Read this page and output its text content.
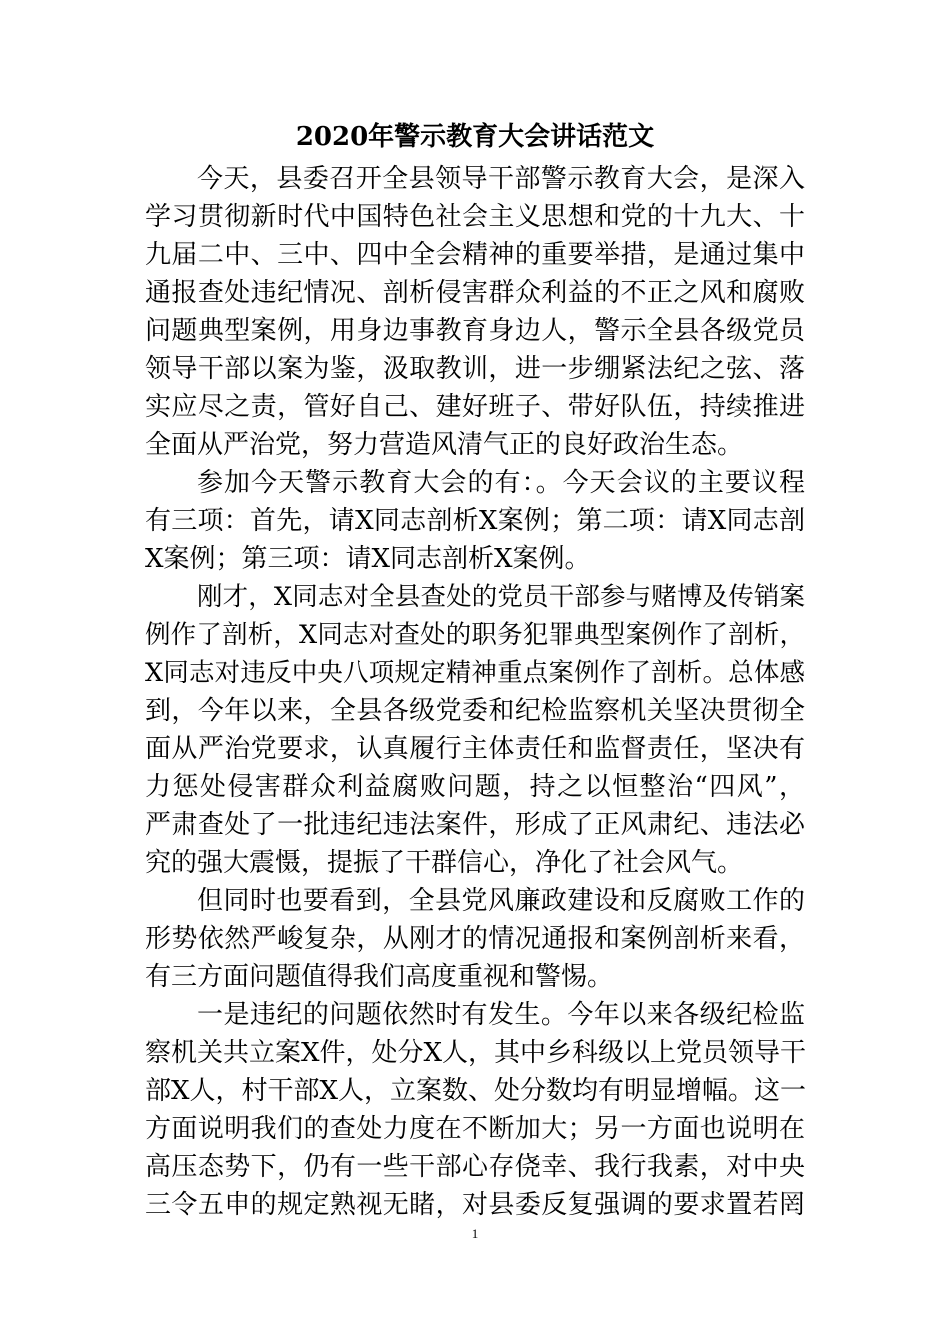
2020年警示教育大会讲话范文
今天，县委召开全县领导干部警示教育大会，是深入
学习贯彻新时代中国特色社会主义思想和党的十九大、十
九届二中、三中、四中全会精神的重要举措，是通过集中
通报查处违纪情况、剖析侵害群众利益的不正之风和腐败
问题典型案例，用身边事教育身边人，警示全县各级党员
领导干部以案为鉴，汲取教训，进一步绷紧法纪之弦、落
实应尽之责，管好自己、建好班子、带好队伍，持续推进
全面从严治党，努力营造风清气正的良好政治生态。
参加今天警示教育大会的有：。今天会议的主要议程
有三项：首先，请X同志剖析X案例；第二项：请X同志剖
X案例；第三项：请X同志剖析X案例。
刚才，X同志对全县查处的党员干部参与赌博及传销案
例作了剖析，X同志对查处的职务犯罪典型案例作了剖析，
X同志对违反中央八项规定精神重点案例作了剖析。总体感
到，今年以来，全县各级党委和纪检监察机关坚决贯彻全
面从严治党要求，认真履行主体责任和监督责任，坚决有
力惩处侵害群众利益腐败问题，持之以恒整治“四风”，
严肃查处了一批违纪违法案件，形成了正风肃纪、违法必
究的强大震慑，提振了干群信心，净化了社会风气。
但同时也要看到，全县党风廉政建设和反腐败工作的
形势依然严峻复杂，从刚才的情况通报和案例剖析来看，
有三方面问题值得我们高度重视和警惕。
一是违纪的问题依然时有发生。今年以来各级纪检监
察机关共立案X件，处分X人，其中乡科级以上党员领导干
部X人，村干部X人，立案数、处分数均有明显增幅。这一
方面说明我们的查处力度在不断加大；另一方面也说明在
高压态势下，仍有一些干部心存侥幸、我行我素，对中央
三令五申的规定熟视无睹，对县委反复强调的要求置若罔
1
